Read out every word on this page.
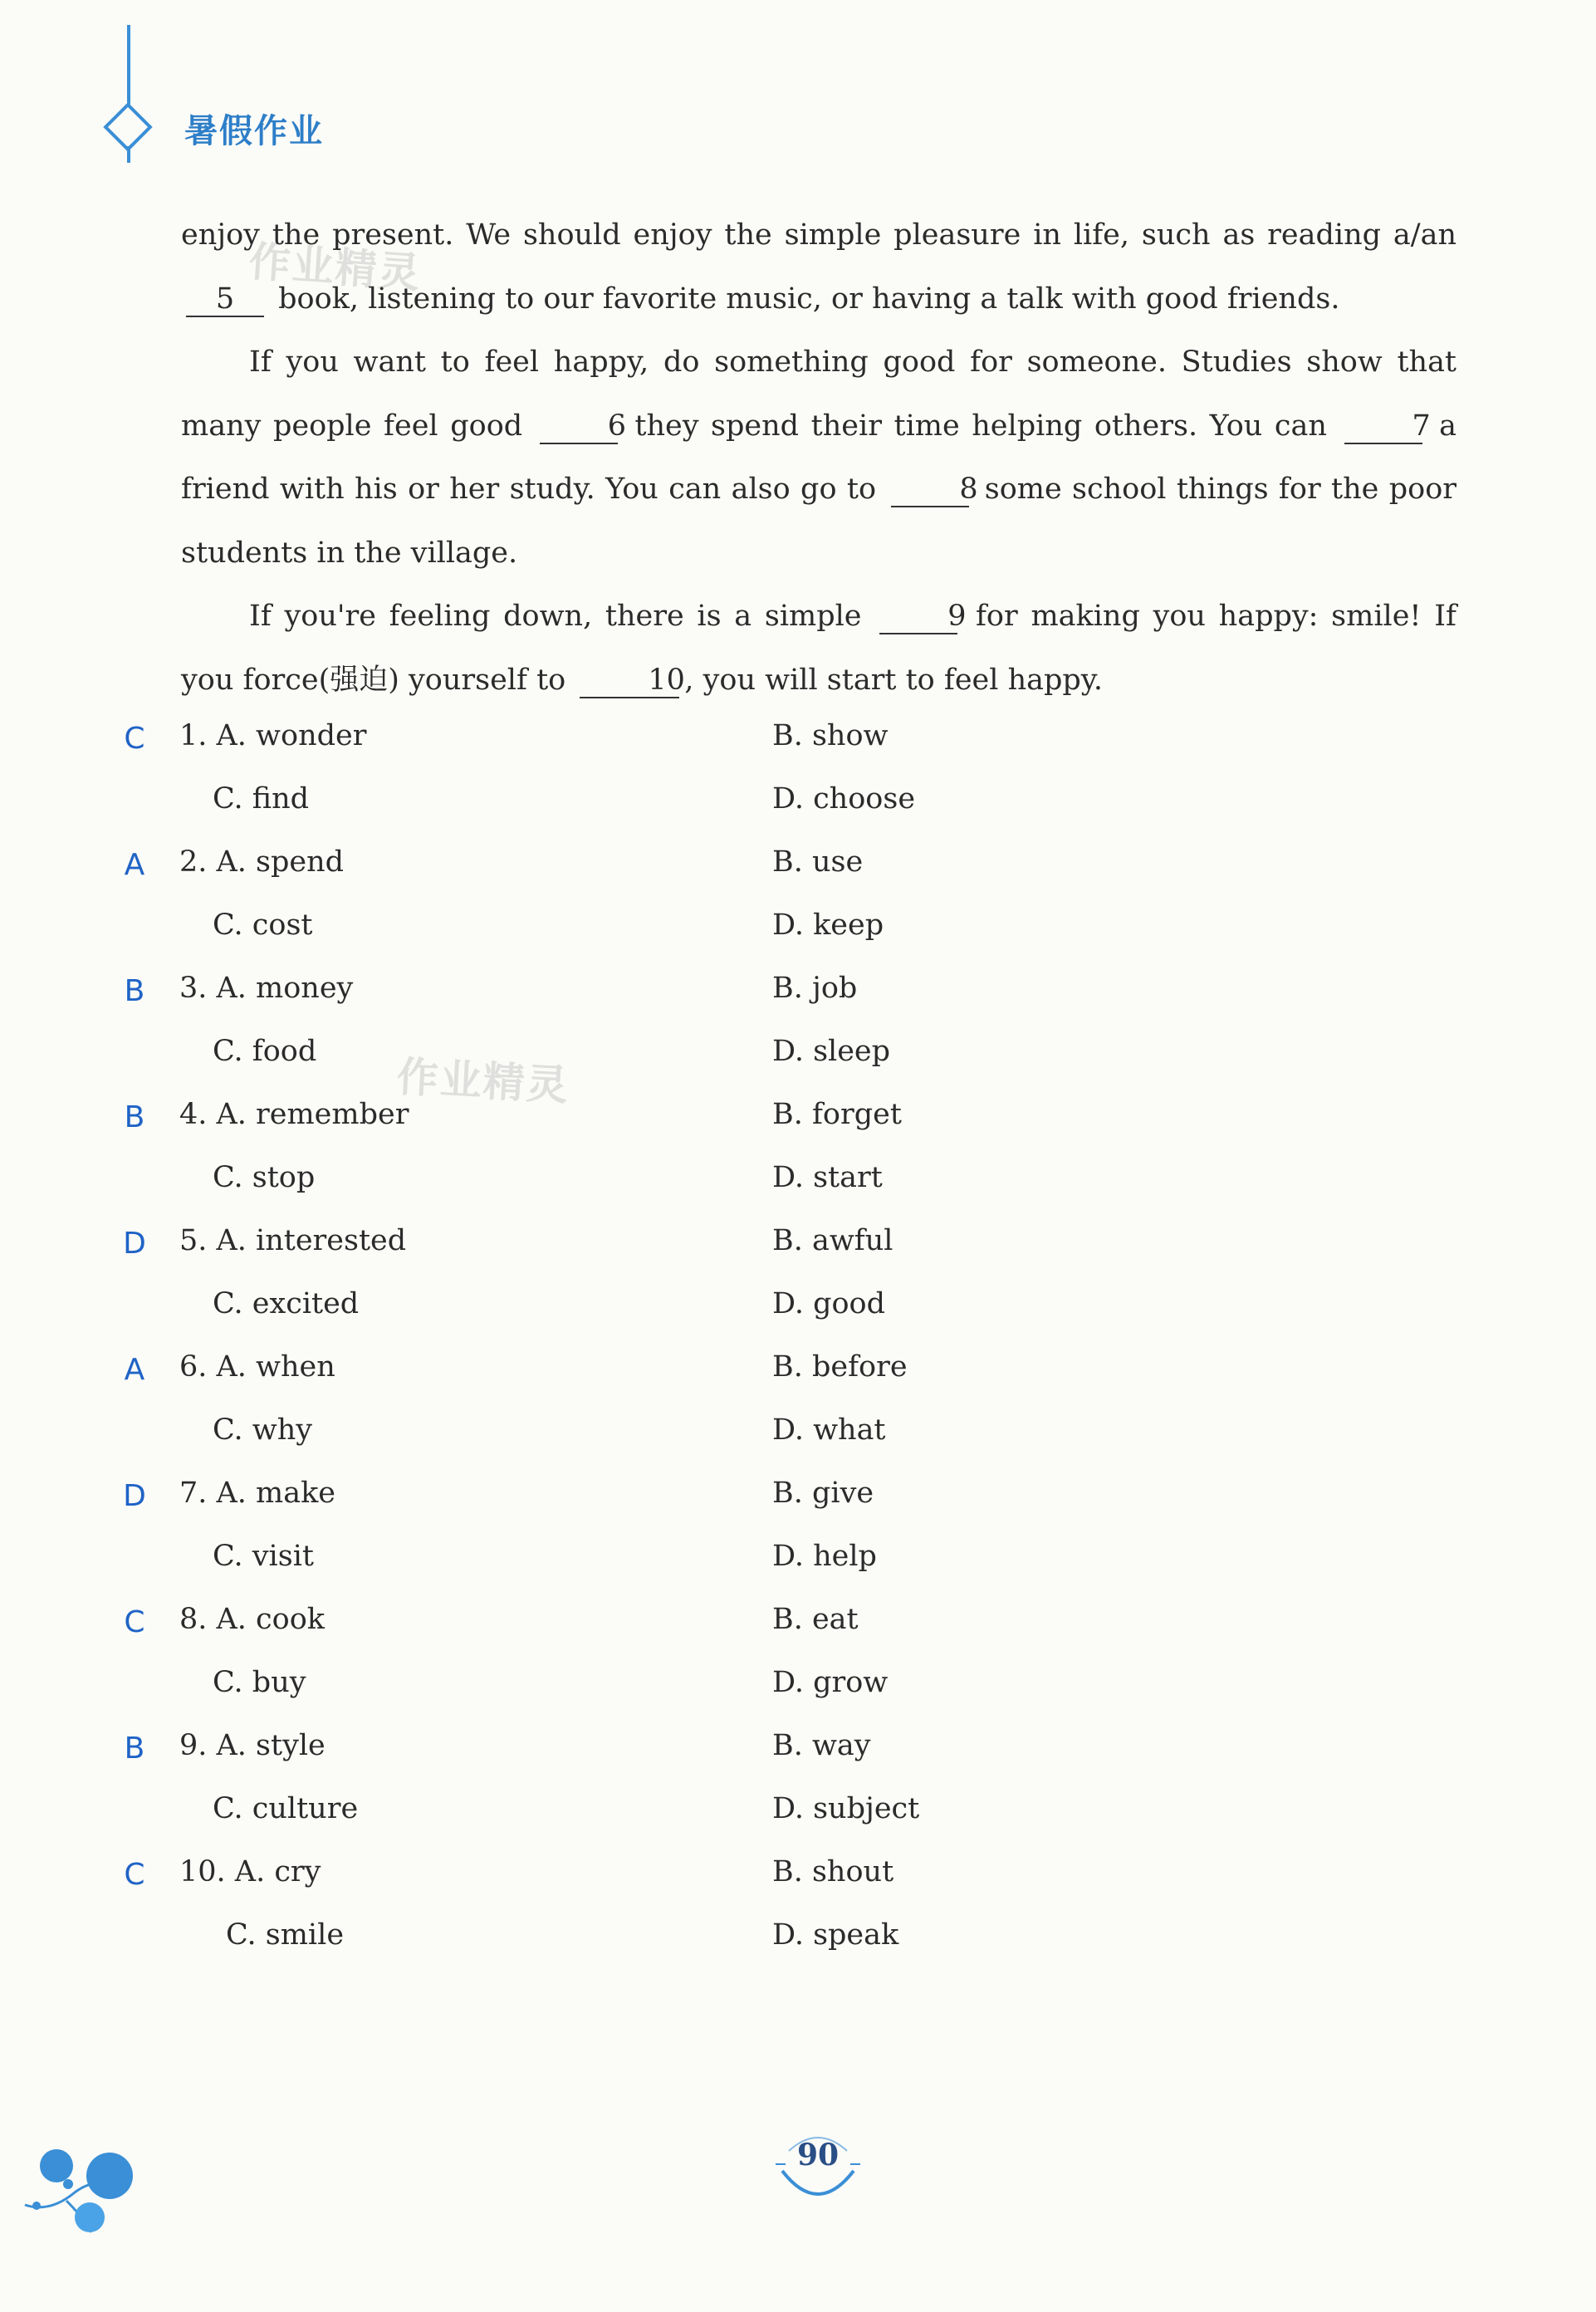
暑假作业
作业精灵
作业精灵

enjoy the present. We should enjoy the simple pleasure in life, such as reading a/an 5 book, listening to our favorite music, or having a talk with good friends.

If you want to feel happy, do something good for someone. Studies show that many people feel good	6 they spend their time helping others. You can	7 a friend with his or her study. You can also go to	8 some school things for the poor students in the village.

If you're feeling down, there is a simple	9 for making you happy: smile! If you force(强迫) yourself to	10, you will start to feel happy.

C 1. A. wonder	B. show
C. find	D. choose
A 2. A. spend	B. use
C. cost	D. keep
B 3. A. money	B. job
C. food	D. sleep
B 4. A. remember	B. forget
C. stop	D. start
D 5. A. interested	B. awful
C. excited	D. good
A 6. A. when	B. before
C. why	D. what
D 7. A. make	B. give
C. visit	D. help
C 8. A. cook	B. eat
C. buy	D. grow
B 9. A. style	B. way
C. culture	D. subject
C 10. A. cry	B. shout
C. smile	D. speak
90
